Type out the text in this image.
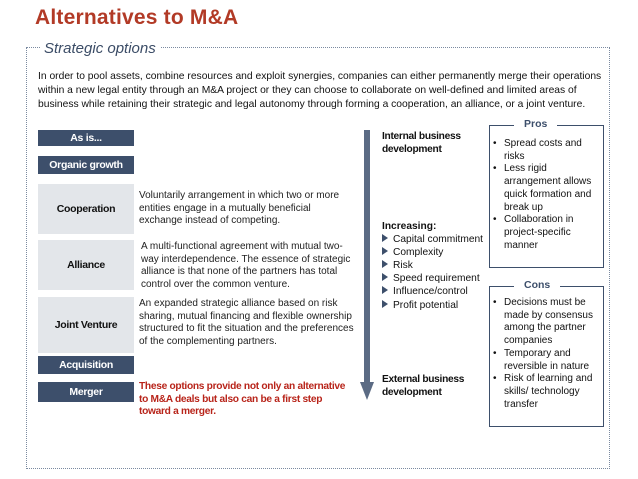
Alternatives to M&A
Strategic options
In order to pool assets, combine resources and exploit synergies, companies can either permanently merge their operations within a new legal entity through an M&A project or they can choose to collaborate on well-defined and limited areas of business while retaining their strategic and legal autonomy through forming a cooperation, an alliance, or a joint venture.
As is...
Organic growth
Cooperation
Alliance
Joint Venture
Acquisition
Merger
Voluntarily arrangement in which two or more entities engage in a mutually beneficial exchange instead of competing.
A multi-functional agreement with mutual two-way interdependence. The essence of strategic alliance is that none of the partners has total control over the common venture.
An expanded strategic alliance based on risk sharing, mutual financing and flexible ownership structured to fit the situation and the preferences of the complementing partners.
These options provide not only an alternative to M&A deals but also can be a first step toward a merger.
Internal business development
External business development
Increasing:
Capital commitment
Complexity
Risk
Speed requirement
Influence/control
Profit potential
Pros
• Spread costs and risks
• Less rigid arrangement allows quick formation and break up
• Collaboration in project-specific manner
Cons
• Decisions must be made by consensus among the partner companies
• Temporary and reversible in nature
• Risk of learning and skills/ technology transfer
